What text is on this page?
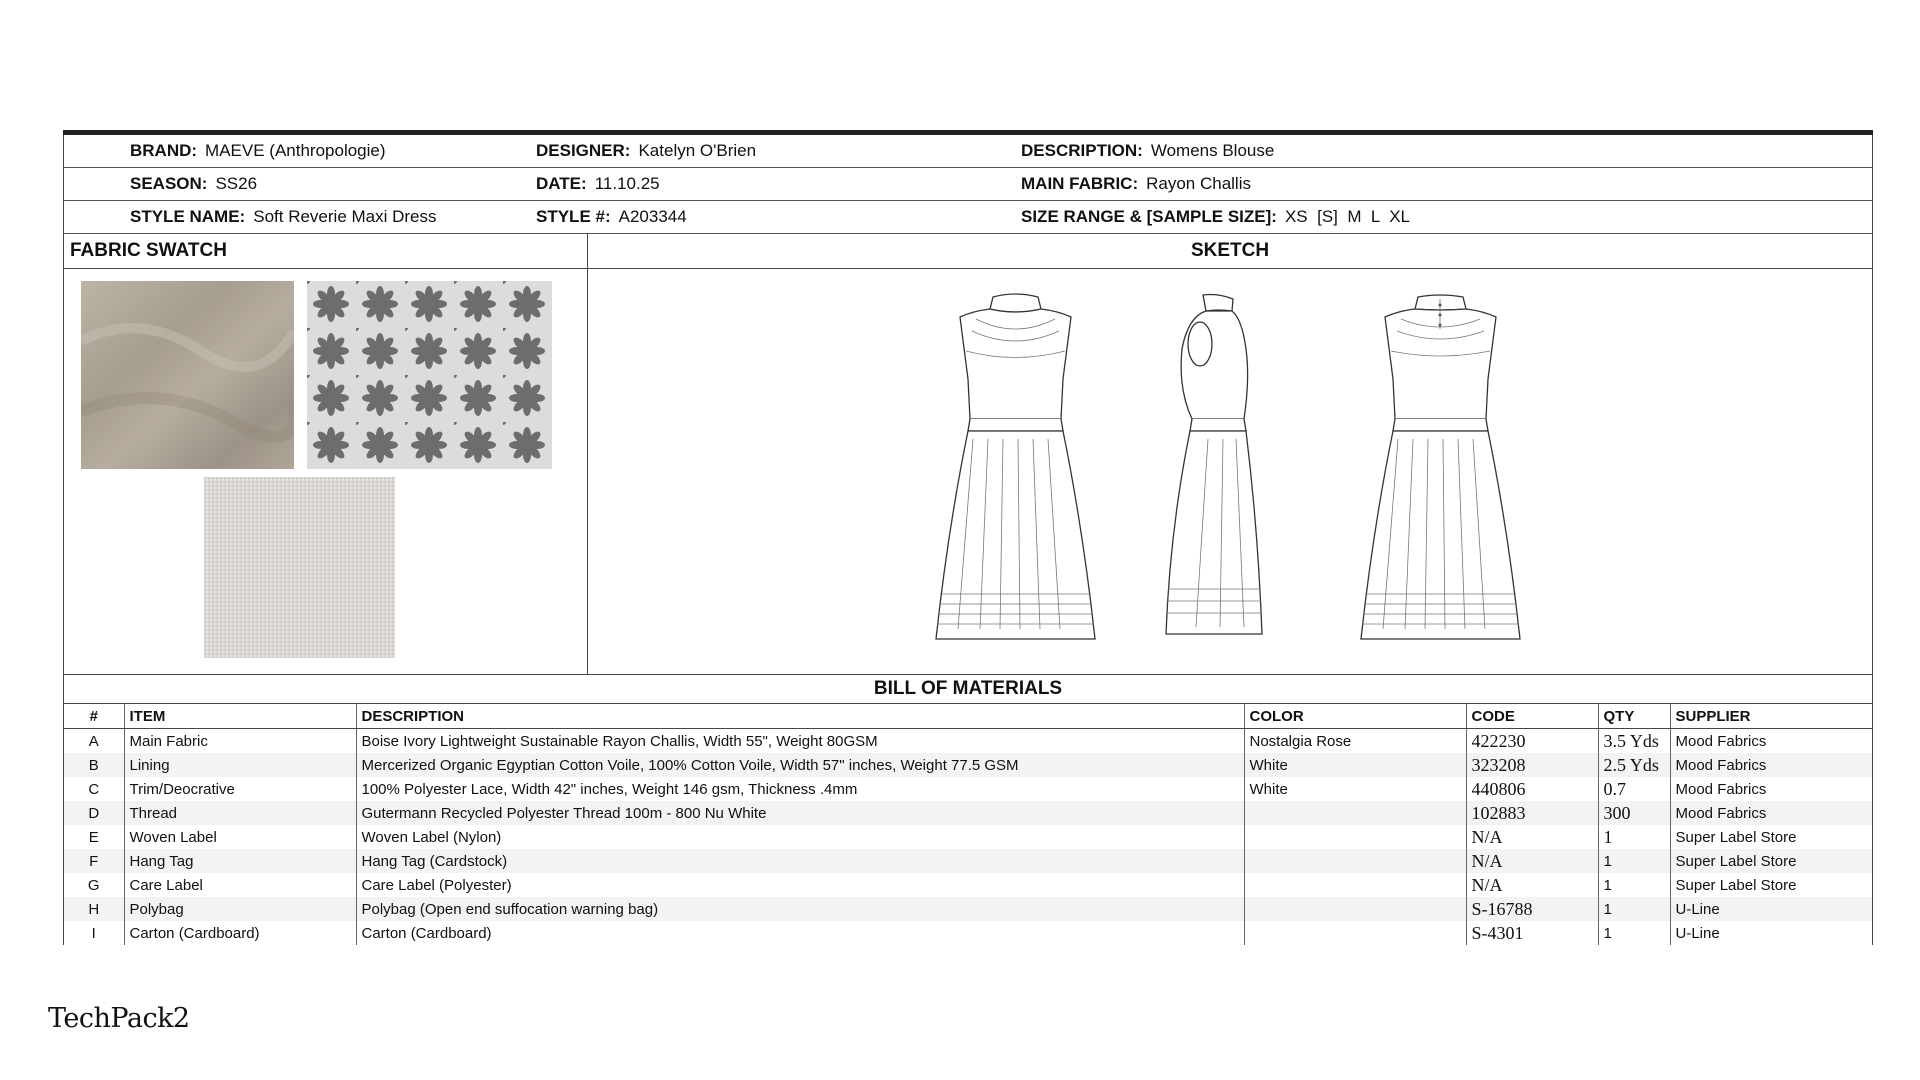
BRAND: MAEVE (Anthropologie)	DESIGNER: Katelyn O'Brien	DESCRIPTION: Womens Blouse
SEASON: SS26	DATE: 11.10.25	MAIN FABRIC: Rayon Challis
STYLE NAME: Soft Reverie Maxi Dress	STYLE #: A203344	SIZE RANGE & [SAMPLE SIZE]: XS  [S]  M  L  XL
FABRIC SWATCH	SKETCH
BILL OF MATERIALS
#	ITEM	DESCRIPTION	COLOR	CODE	QTY	SUPPLIER
A	Main Fabric	Boise Ivory Lightweight Sustainable Rayon Challis, Width 55", Weight 80GSM	Nostalgia Rose	422230	3.5 Yds	Mood Fabrics
B	Lining	Mercerized Organic Egyptian Cotton Voile, 100% Cotton Voile, Width 57" inches, Weight 77.5 GSM	White	323208	2.5 Yds	Mood Fabrics
C	Trim/Deocrative	100% Polyester Lace, Width 42" inches, Weight 146 gsm, Thickness .4mm	White	440806	0.7	Mood Fabrics
D	Thread	Gutermann Recycled Polyester Thread 100m - 800 Nu White		102883	300	Mood Fabrics
E	Woven Label	Woven Label (Nylon)		N/A	1	Super Label Store
F	Hang Tag	Hang Tag (Cardstock)		N/A	1	Super Label Store
G	Care Label	Care Label (Polyester)		N/A	1	Super Label Store
H	Polybag	Polybag (Open end suffocation warning bag)		S-16788	1	U-Line
I	Carton (Cardboard)	Carton (Cardboard)		S-4301	1	U-Line
TechPack2
